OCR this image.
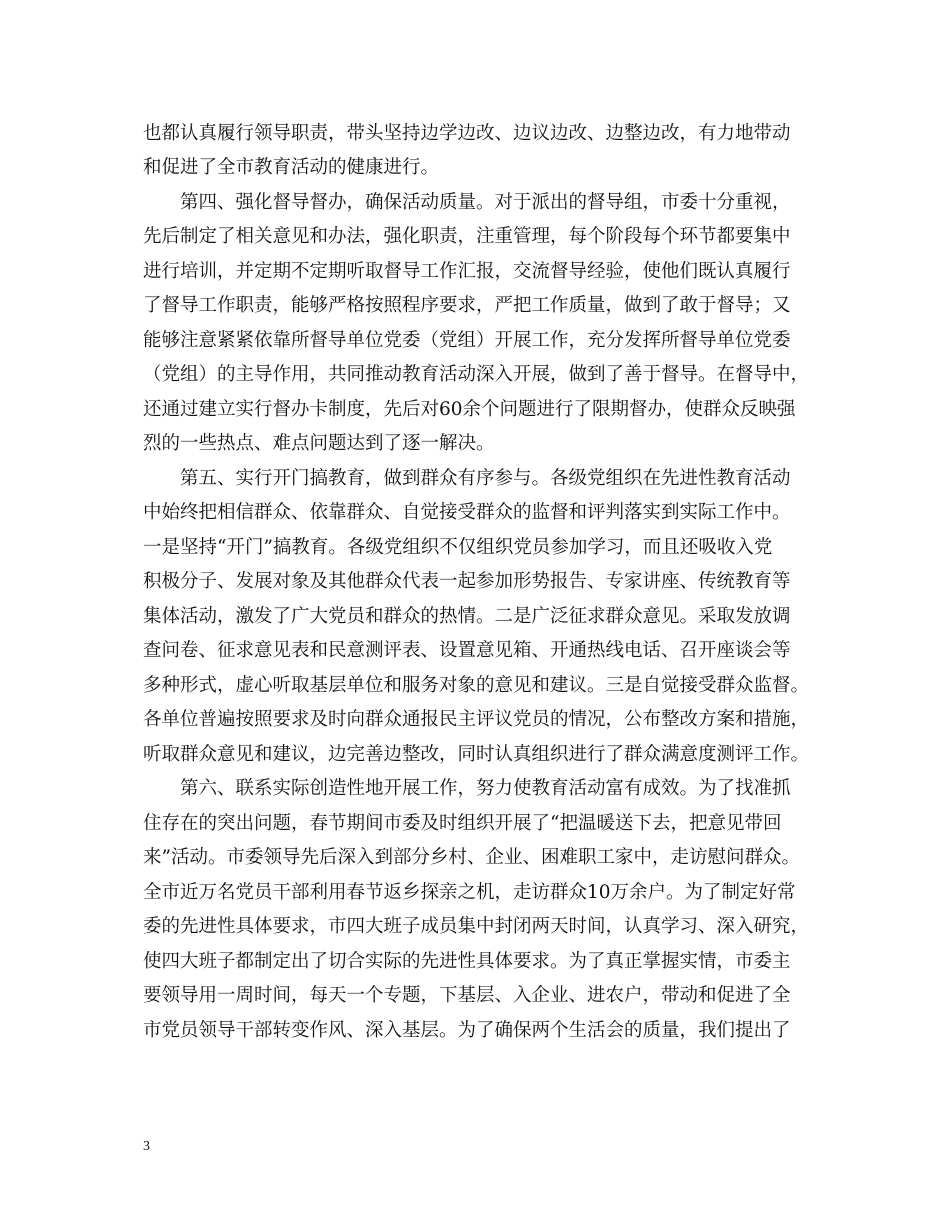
也都认真履行领导职责，带头坚持边学边改、边议边改、边整边改，有力地带动
和促进了全市教育活动的健康进行。
第四、强化督导督办，确保活动质量。对于派出的督导组，市委十分重视，
先后制定了相关意见和办法，强化职责，注重管理，每个阶段每个环节都要集中
进行培训，并定期不定期听取督导工作汇报，交流督导经验，使他们既认真履行
了督导工作职责，能够严格按照程序要求，严把工作质量，做到了敢于督导；又
能够注意紧紧依靠所督导单位党委（党组）开展工作，充分发挥所督导单位党委
（党组）的主导作用，共同推动教育活动深入开展，做到了善于督导。在督导中，
还通过建立实行督办卡制度，先后对60余个问题进行了限期督办，使群众反映强
烈的一些热点、难点问题达到了逐一解决。
第五、实行开门搞教育，做到群众有序参与。各级党组织在先进性教育活动
中始终把相信群众、依靠群众、自觉接受群众的监督和评判落实到实际工作中。
一是坚持“开门”搞教育。各级党组织不仅组织党员参加学习，而且还吸收入党
积极分子、发展对象及其他群众代表一起参加形势报告、专家讲座、传统教育等
集体活动，激发了广大党员和群众的热情。二是广泛征求群众意见。采取发放调
查问卷、征求意见表和民意测评表、设置意见箱、开通热线电话、召开座谈会等
多种形式，虚心听取基层单位和服务对象的意见和建议。三是自觉接受群众监督。
各单位普遍按照要求及时向群众通报民主评议党员的情况，公布整改方案和措施，
听取群众意见和建议，边完善边整改，同时认真组织进行了群众满意度测评工作。
第六、联系实际创造性地开展工作，努力使教育活动富有成效。为了找准抓
住存在的突出问题，春节期间市委及时组织开展了“把温暖送下去，把意见带回
来”活动。市委领导先后深入到部分乡村、企业、困难职工家中，走访慰问群众。
全市近万名党员干部利用春节返乡探亲之机，走访群众10万余户。为了制定好常
委的先进性具体要求，市四大班子成员集中封闭两天时间，认真学习、深入研究，
使四大班子都制定出了切合实际的先进性具体要求。为了真正掌握实情，市委主
要领导用一周时间，每天一个专题，下基层、入企业、进农户，带动和促进了全
市党员领导干部转变作风、深入基层。为了确保两个生活会的质量，我们提出了
3
